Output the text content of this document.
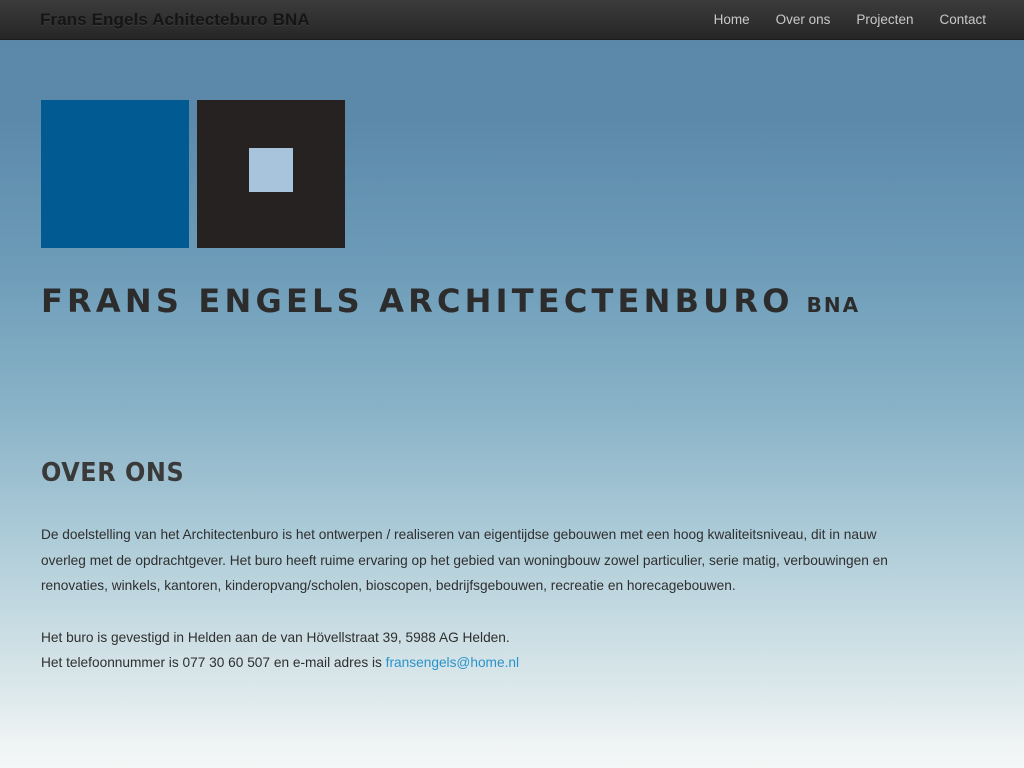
Frans Engels Achitecteburo BNA	Home Over ons Projecten Contact
FRANS ENGELS ARCHITECTENBURO BNA
OVER ONS

De doelstelling van het Architectenburo is het ontwerpen / realiseren van eigentijdse gebouwen met een hoog kwaliteitsniveau, dit in nauw overleg met de opdrachtgever. Het buro heeft ruime ervaring op het gebied van woningbouw zowel particulier, serie matig, verbouwingen en renovaties, winkels, kantoren, kinderopvang/scholen, bioscopen, bedrijfsgebouwen, recreatie en horecagebouwen.

Het buro is gevestigd in Helden aan de van Hövellstraat 39, 5988 AG Helden.
Het telefoonnummer is 077 30 60 507 en e-mail adres is fransengels@home.nl
